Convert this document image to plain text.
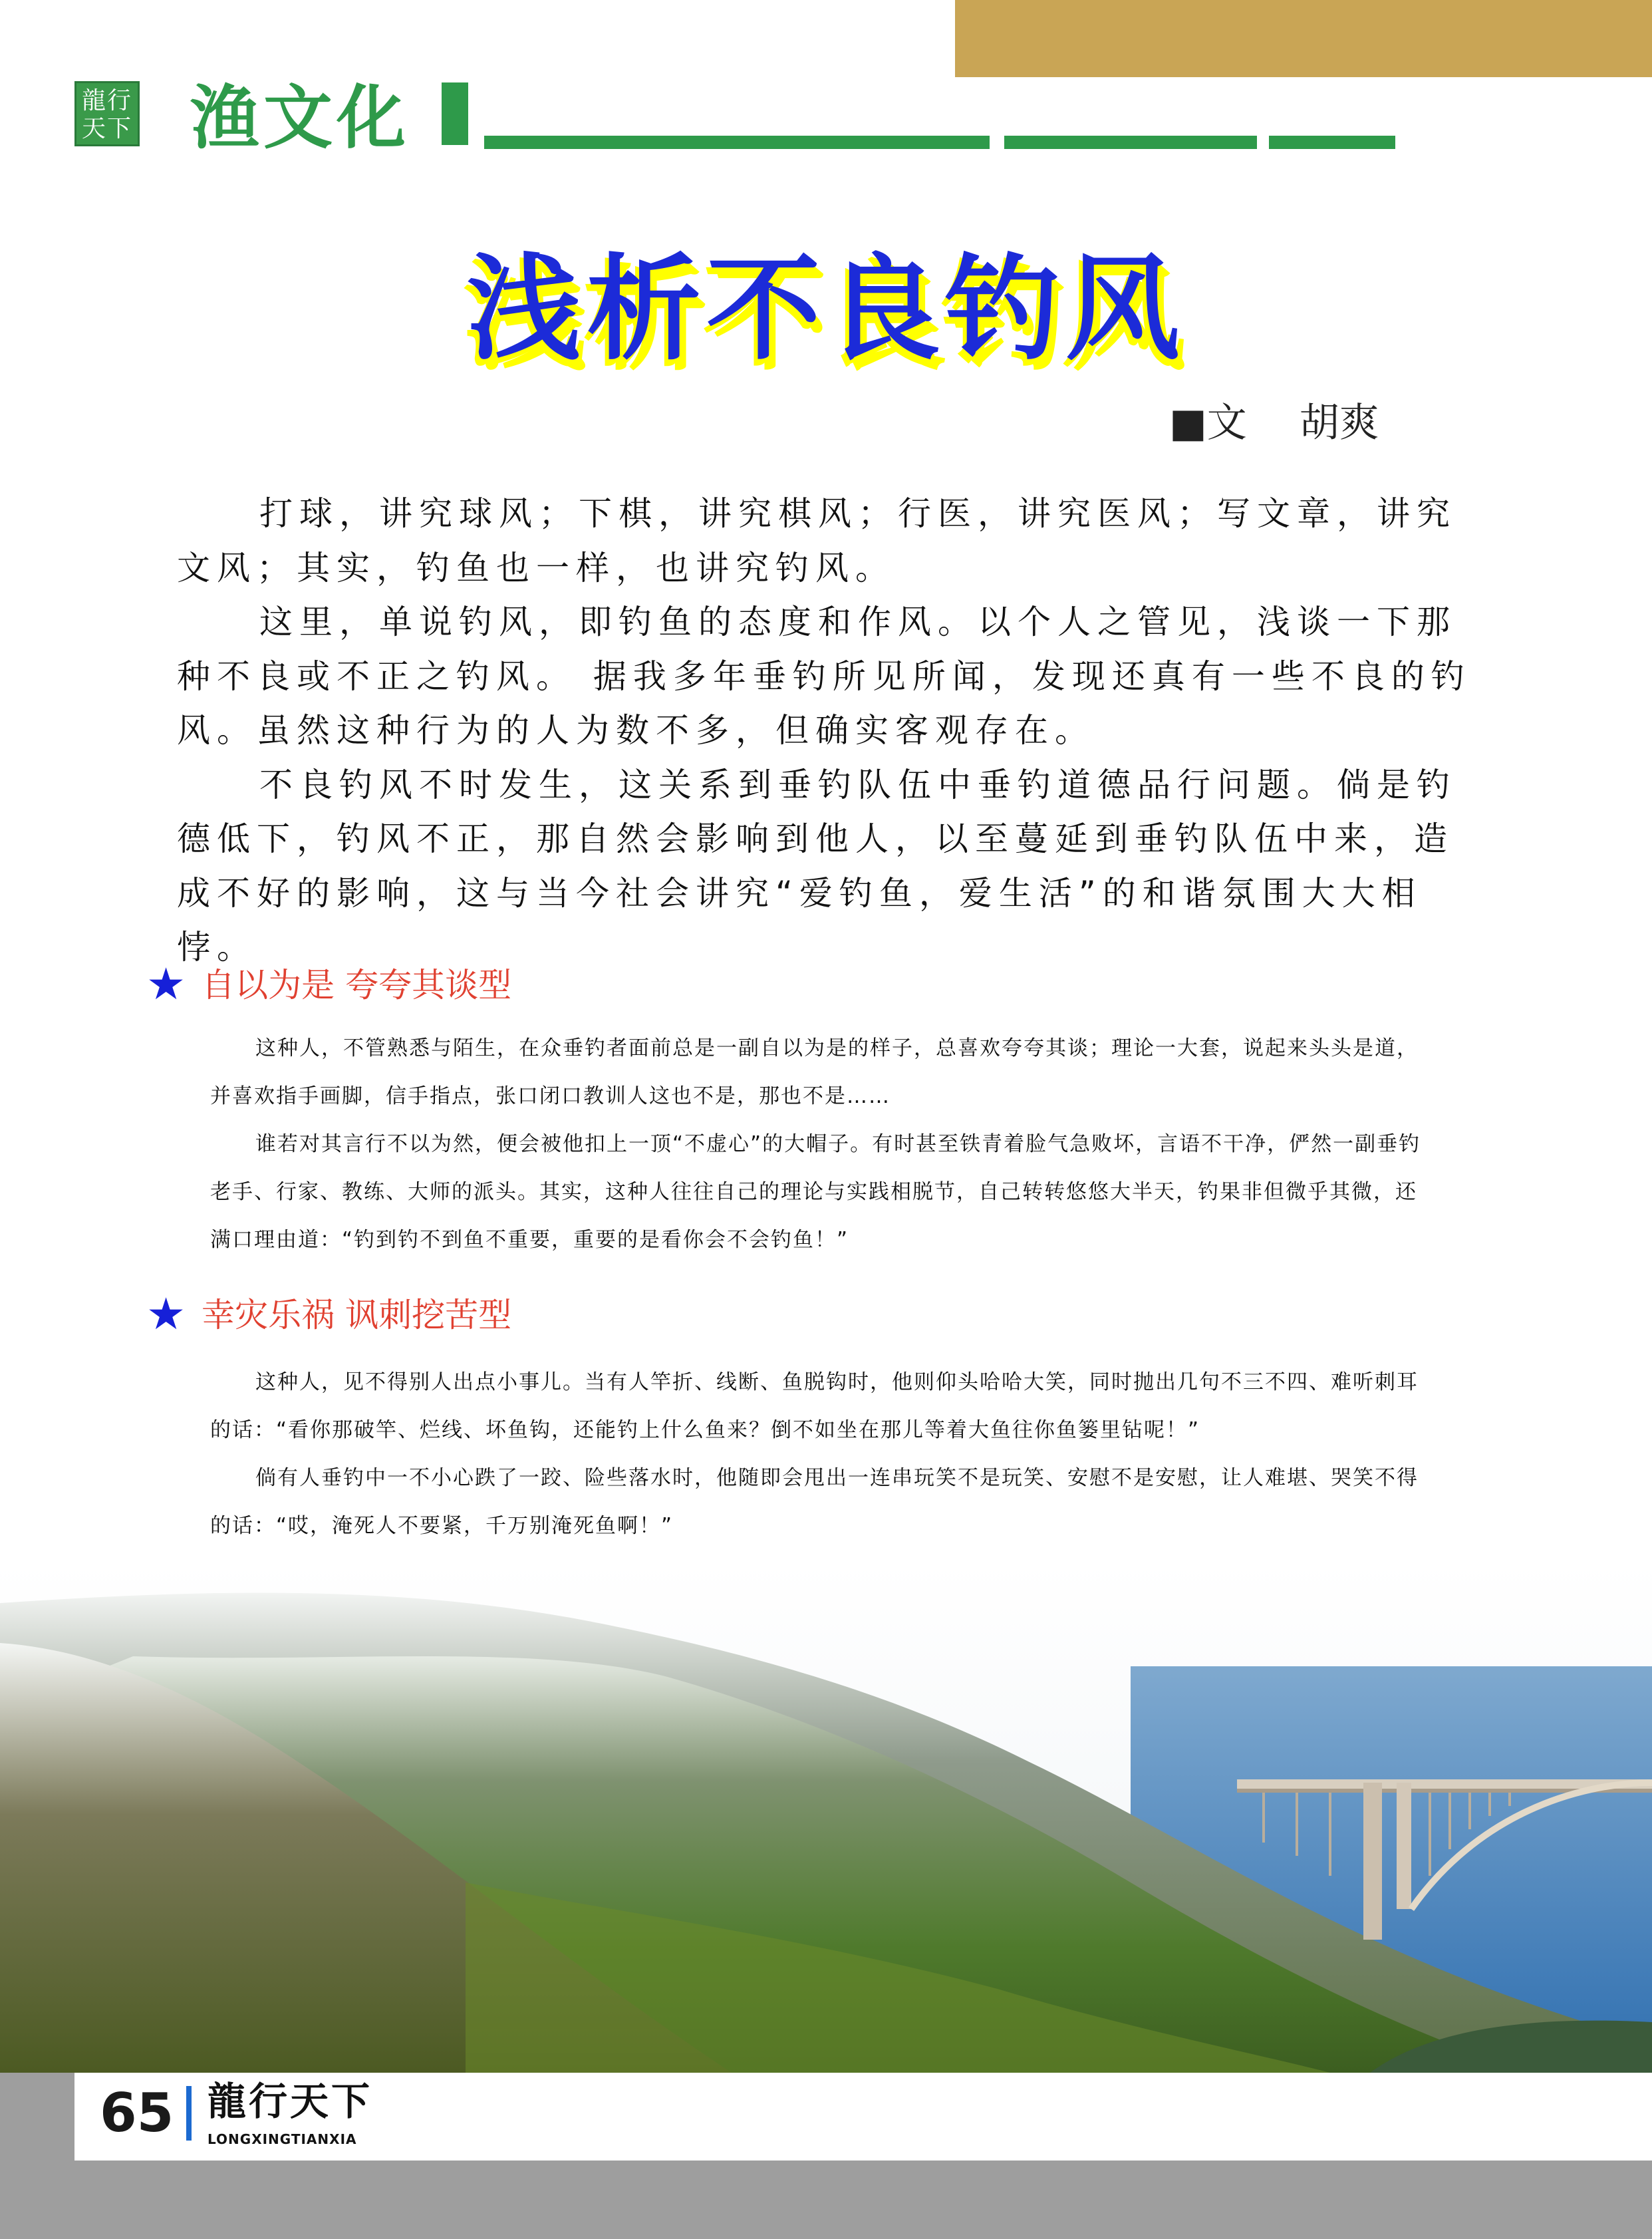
龍行天下 渔文化
浅析不良钓风
■文　 胡爽

打球，讲究球风；下棋，讲究棋风；行医，讲究医风；写文章，讲究文风；其实，钓鱼也一样，也讲究钓风。

这里，单说钓风，即钓鱼的态度和作风。以个人之管见，浅谈一下那种不良或不正之钓风。 据我多年垂钓所见所闻，发现还真有一些不良的钓风。虽然这种行为的人为数不多，但确实客观存在。

不良钓风不时发生，这关系到垂钓队伍中垂钓道德品行问题。倘是钓德低下，钓风不正，那自然会影响到他人，以至蔓延到垂钓队伍中来，造成不好的影响，这与当今社会讲究“爱钓鱼，爱生活”的和谐氛围大大相悖。

★ 自以为是 夸夸其谈型

这种人，不管熟悉与陌生，在众垂钓者面前总是一副自以为是的样子，总喜欢夸夸其谈；理论一大套，说起来头头是道，并喜欢指手画脚，信手指点，张口闭口教训人这也不是，那也不是……

谁若对其言行不以为然，便会被他扣上一顶“不虚心”的大帽子。有时甚至铁青着脸气急败坏，言语不干净，俨然一副垂钓老手、行家、教练、大师的派头。其实，这种人往往自己的理论与实践相脱节，自己转转悠悠大半天，钓果非但微乎其微，还满口理由道：“钓到钓不到鱼不重要，重要的是看你会不会钓鱼！”

★ 幸灾乐祸 讽刺挖苦型

这种人，见不得别人出点小事儿。当有人竿折、线断、鱼脱钩时，他则仰头哈哈大笑，同时抛出几句不三不四、难听刺耳的话：“看你那破竿、烂线、坏鱼钩，还能钓上什么鱼来？倒不如坐在那儿等着大鱼往你鱼篓里钻呢！”

倘有人垂钓中一不小心跌了一跤、险些落水时，他随即会甩出一连串玩笑不是玩笑、安慰不是安慰，让人难堪、哭笑不得的话：“哎，淹死人不要紧，千万别淹死鱼啊！”

65 龍行天下
LONGXINGTIANXIA
